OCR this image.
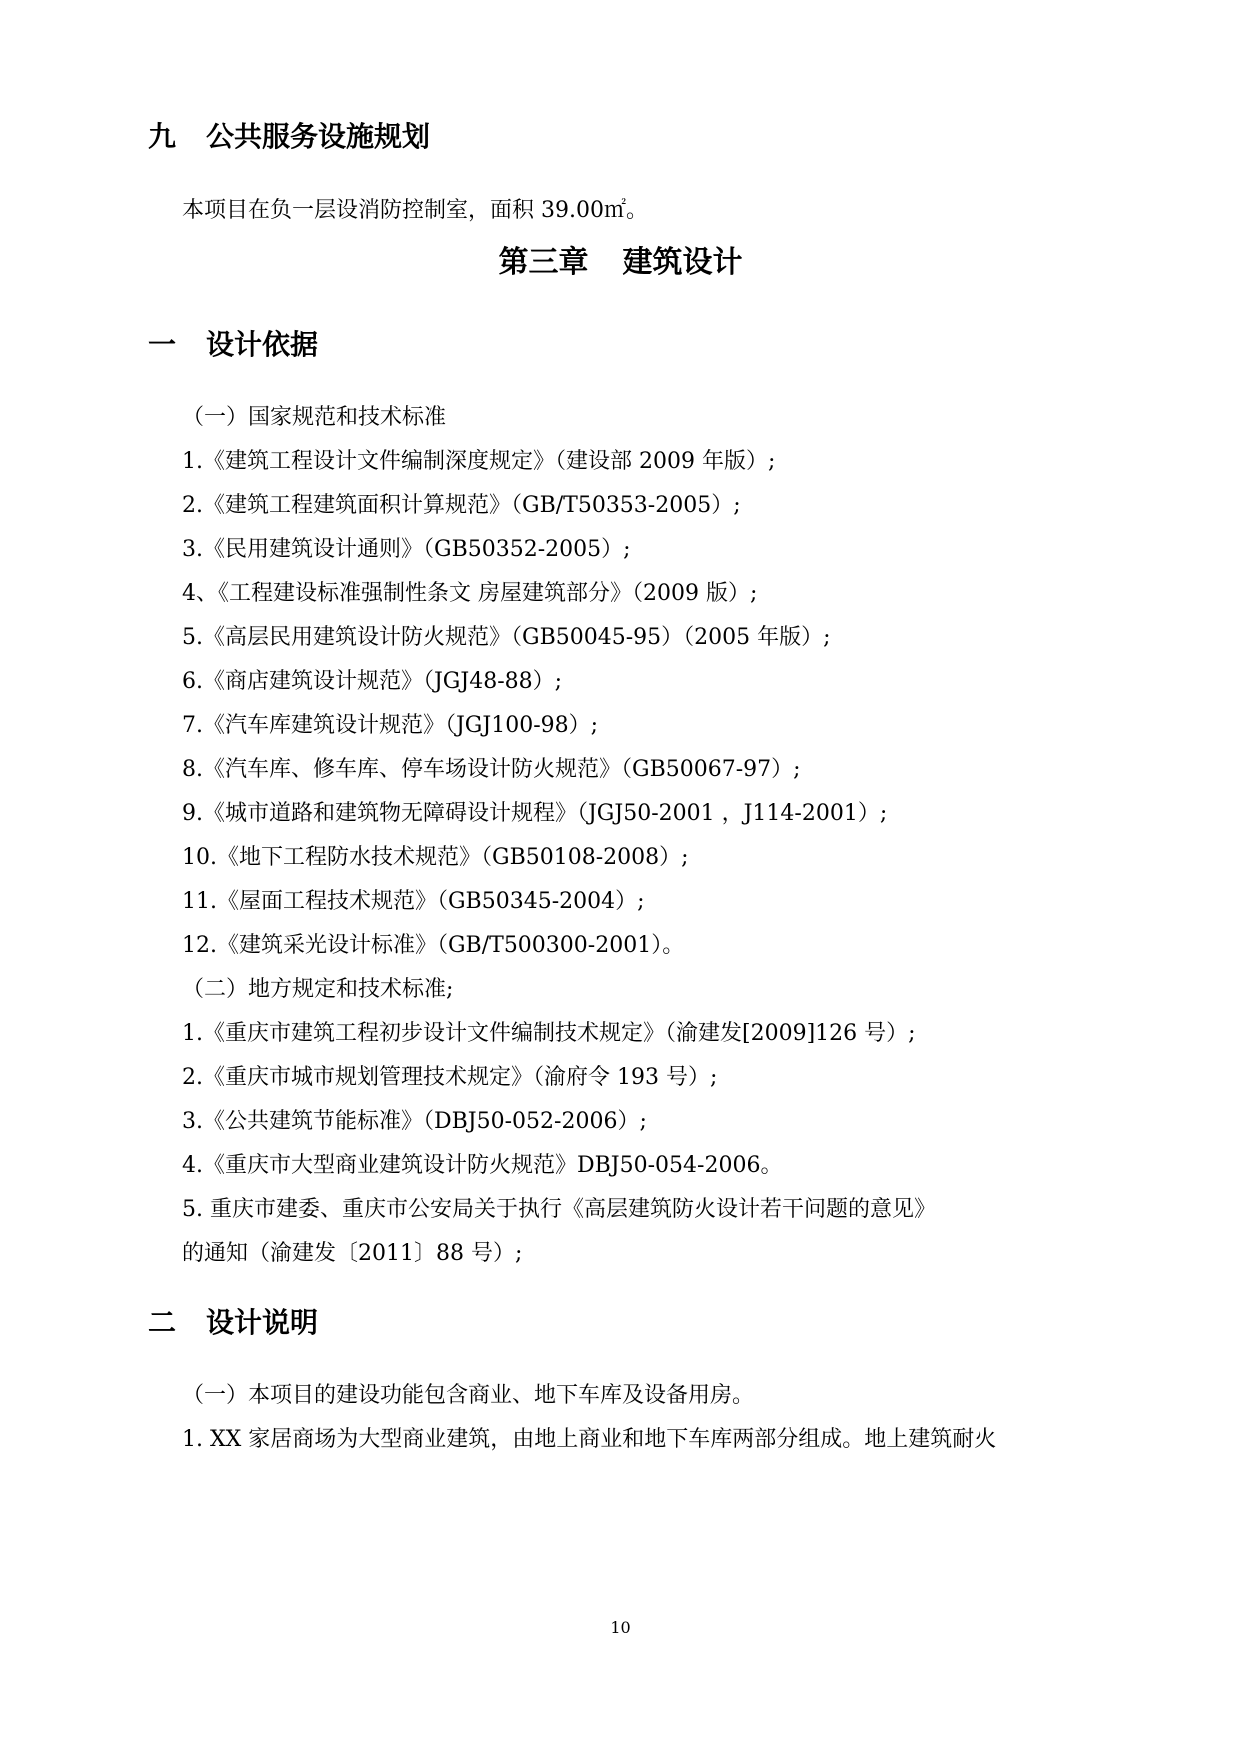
九 公共服务设施规划
本项目在负一层设消防控制室，面积 39.00㎡。
第三章 建筑设计
一 设计依据
（一）国家规范和技术标准
1.《建筑工程设计文件编制深度规定》（建设部 2009 年版）;
2.《建筑工程建筑面积计算规范》（GB/T50353-2005）;
3.《民用建筑设计通则》（GB50352-2005）;
4、《工程建设标准强制性条文 房屋建筑部分》（2009 版）;
5.《高层民用建筑设计防火规范》（GB50045-95）（2005 年版）;
6.《商店建筑设计规范》（JGJ48-88）;
7.《汽车库建筑设计规范》（JGJ100-98）;
8.《汽车库、修车库、停车场设计防火规范》（GB50067-97）;
9.《城市道路和建筑物无障碍设计规程》（JGJ50-2001 ，J114-2001）;
10.《地下工程防水技术规范》（GB50108-2008）;
11.《屋面工程技术规范》（GB50345-2004）;
12.《建筑采光设计标准》（GB/T500300-2001）。
（二）地方规定和技术标准;
1.《重庆市建筑工程初步设计文件编制技术规定》（渝建发[2009]126 号）;
2.《重庆市城市规划管理技术规定》（渝府令 193 号）;
3.《公共建筑节能标准》（DBJ50-052-2006）;
4.《重庆市大型商业建筑设计防火规范》DBJ50-054-2006。
5. 重庆市建委、重庆市公安局关于执行《高层建筑防火设计若干问题的意见》
的通知（渝建发〔2011〕88 号）;
二 设计说明
（一）本项目的建设功能包含商业、地下车库及设备用房。
1. XX 家居商场为大型商业建筑，由地上商业和地下车库两部分组成。地上建筑耐火
10
